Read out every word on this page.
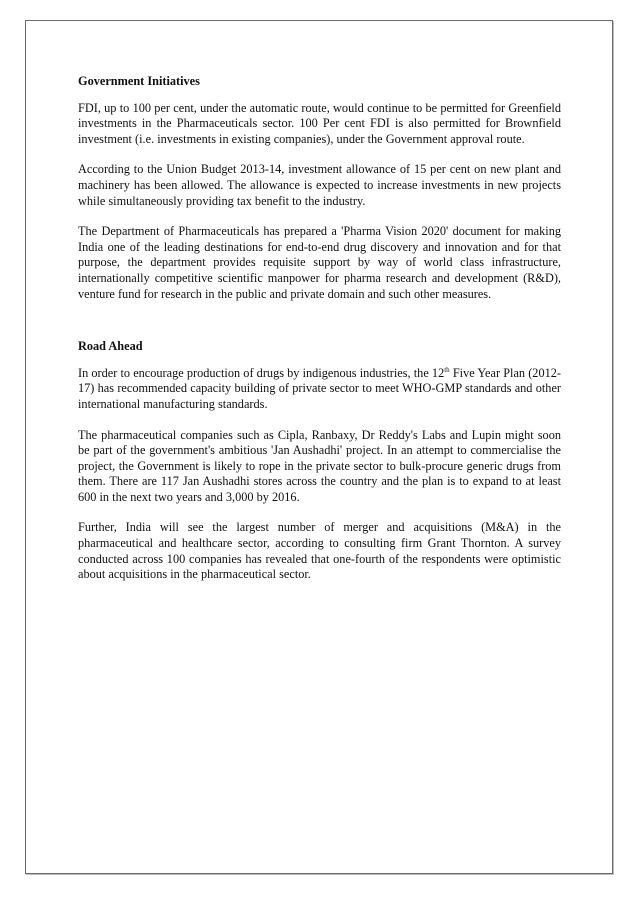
Government Initiatives

FDI, up to 100 per cent, under the automatic route, would continue to be permitted for Greenfield investments in the Pharmaceuticals sector. 100 Per cent FDI is also permitted for Brownfield investment (i.e. investments in existing companies), under the Government approval route.

According to the Union Budget 2013-14, investment allowance of 15 per cent on new plant and machinery has been allowed. The allowance is expected to increase investments in new projects while simultaneously providing tax benefit to the industry.

The Department of Pharmaceuticals has prepared a 'Pharma Vision 2020' document for making India one of the leading destinations for end-to-end drug discovery and innovation and for that purpose, the department provides requisite support by way of world class infrastructure, internationally competitive scientific manpower for pharma research and development (R&D), venture fund for research in the public and private domain and such other measures.

Road Ahead

In order to encourage production of drugs by indigenous industries, the 12th Five Year Plan (2012-17) has recommended capacity building of private sector to meet WHO-GMP standards and other international manufacturing standards.

The pharmaceutical companies such as Cipla, Ranbaxy, Dr Reddy's Labs and Lupin might soon be part of the government's ambitious 'Jan Aushadhi' project. In an attempt to commercialise the project, the Government is likely to rope in the private sector to bulk-procure generic drugs from them. There are 117 Jan Aushadhi stores across the country and the plan is to expand to at least 600 in the next two years and 3,000 by 2016.

Further, India will see the largest number of merger and acquisitions (M&A) in the pharmaceutical and healthcare sector, according to consulting firm Grant Thornton. A survey conducted across 100 companies has revealed that one-fourth of the respondents were optimistic about acquisitions in the pharmaceutical sector.
